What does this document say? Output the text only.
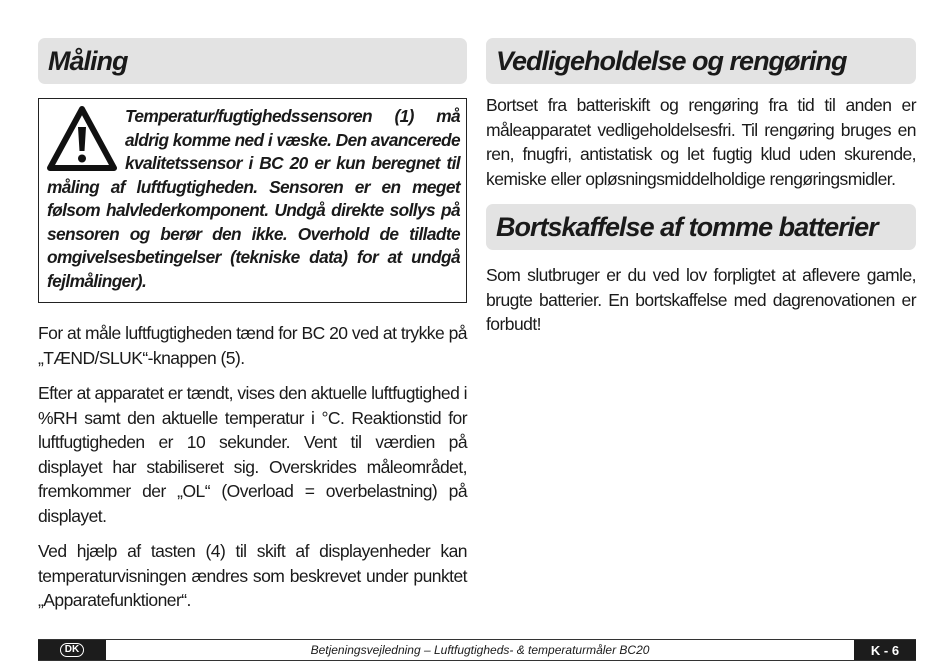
Måling
Temperatur/fugtighedssensoren (1) må aldrig komme ned i væske. Den avancerede kvalitetssensor i BC 20 er kun beregnet til måling af luftfugtigheden. Sensoren er en meget følsom halvlederkomponent. Undgå direkte sollys på sensoren og berør den ikke. Overhold de tilladte omgivelsesbetingelser (tekniske data) for at undgå fejlmålinger).

For at måle luftfugtigheden tænd for BC 20 ved at trykke på „TÆND/SLUK“-knappen (5).

Efter at apparatet er tændt, vises den aktuelle luftfugtighed i %RH samt den aktuelle temperatur i °C. Reaktionstid for luftfugtigheden er 10 sekunder. Vent til værdien på displayet har stabiliseret sig. Overskrides måleområdet, fremkommer der „OL“ (Overload = overbelastning) på displayet.

Ved hjælp af tasten (4) til skift af displayenheder kan temperaturvisningen ændres som beskrevet under punktet „Apparatefunktioner“.

Vedligeholdelse og rengøring

Bortset fra batteriskift og rengøring fra tid til anden er måleapparatet vedligeholdelsesfri. Til rengøring bruges en ren, fnugfri, antistatisk og let fugtig klud uden skurende, kemiske eller opløsningsmiddelholdige rengøringsmidler.

Bortskaffelse af tomme batterier

Som slutbruger er du ved lov forpligtet at aflevere gamle, brugte batterier. En bortskaffelse med dagrenovationen er forbudt!

DK	Betjeningsvejledning – Luftfugtigheds- & temperaturmåler BC20	K - 6
